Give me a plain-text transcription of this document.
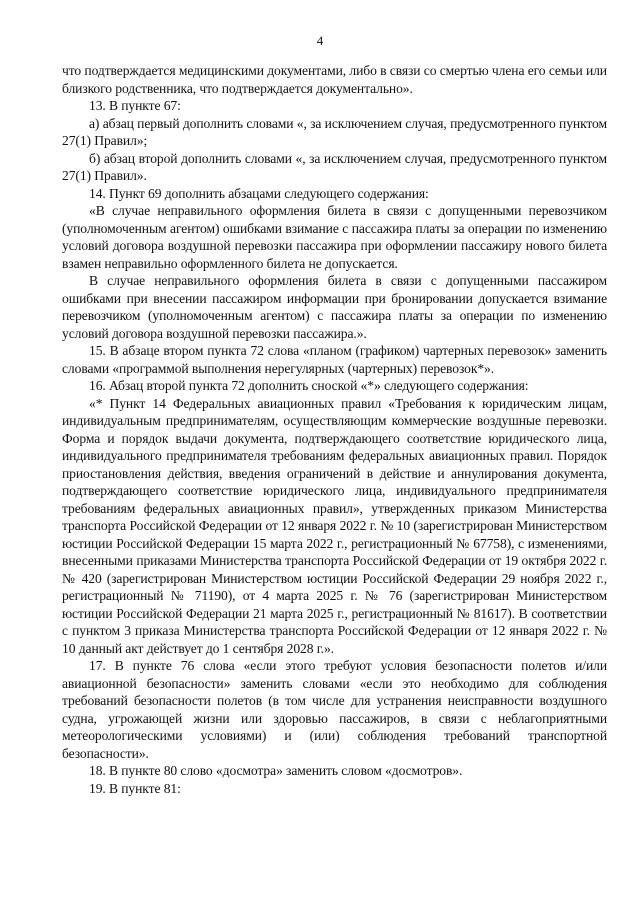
4

что подтверждается медицинскими документами, либо в связи со смертью члена его семьи или близкого родственника, что подтверждается документально».

13. В пункте 67:

а) абзац первый дополнить словами «, за исключением случая, предусмотренного пунктом 27(1) Правил»;

б) абзац второй дополнить словами «, за исключением случая, предусмотренного пунктом 27(1) Правил».

14. Пункт 69 дополнить абзацами следующего содержания:

«В случае неправильного оформления билета в связи с допущенными перевозчиком (уполномоченным агентом) ошибками взимание с пассажира платы за операции по изменению условий договора воздушной перевозки пассажира при оформлении пассажиру нового билета взамен неправильно оформленного билета не допускается.

В случае неправильного оформления билета в связи с допущенными пассажиром ошибками при внесении пассажиром информации при бронировании допускается взимание перевозчиком (уполномоченным агентом) с пассажира платы за операции по изменению условий договора воздушной перевозки пассажира.».

15. В абзаце втором пункта 72 слова «планом (графиком) чартерных перевозок» заменить словами «программой выполнения нерегулярных (чартерных) перевозок*».

16. Абзац второй пункта 72 дополнить сноской «*» следующего содержания:

«* Пункт 14 Федеральных авиационных правил «Требования к юридическим лицам, индивидуальным предпринимателям, осуществляющим коммерческие воздушные перевозки. Форма и порядок выдачи документа, подтверждающего соответствие юридического лица, индивидуального предпринимателя требованиям федеральных авиационных правил. Порядок приостановления действия, введения ограничений в действие и аннулирования документа, подтверждающего соответствие юридического лица, индивидуального предпринимателя требованиям федеральных авиационных правил», утвержденных приказом Министерства транспорта Российской Федерации от 12 января 2022 г. № 10 (зарегистрирован Министерством юстиции Российской Федерации 15 марта 2022 г., регистрационный № 67758), с изменениями, внесенными приказами Министерства транспорта Российской Федерации от 19 октября 2022 г. № 420 (зарегистрирован Министерством юстиции Российской Федерации 29 ноября 2022 г., регистрационный № 71190), от 4 марта 2025 г. № 76 (зарегистрирован Министерством юстиции Российской Федерации 21 марта 2025 г., регистрационный № 81617). В соответствии с пунктом 3 приказа Министерства транспорта Российской Федерации от 12 января 2022 г. № 10 данный акт действует до 1 сентября 2028 г.».

17. В пункте 76 слова «если этого требуют условия безопасности полетов и/или авиационной безопасности» заменить словами «если это необходимо для соблюдения требований безопасности полетов (в том числе для устранения неисправности воздушного судна, угрожающей жизни или здоровью пассажиров, в связи с неблагоприятными метеорологическими условиями) и (или) соблюдения требований транспортной безопасности».

18. В пункте 80 слово «досмотра» заменить словом «досмотров».

19. В пункте 81:
